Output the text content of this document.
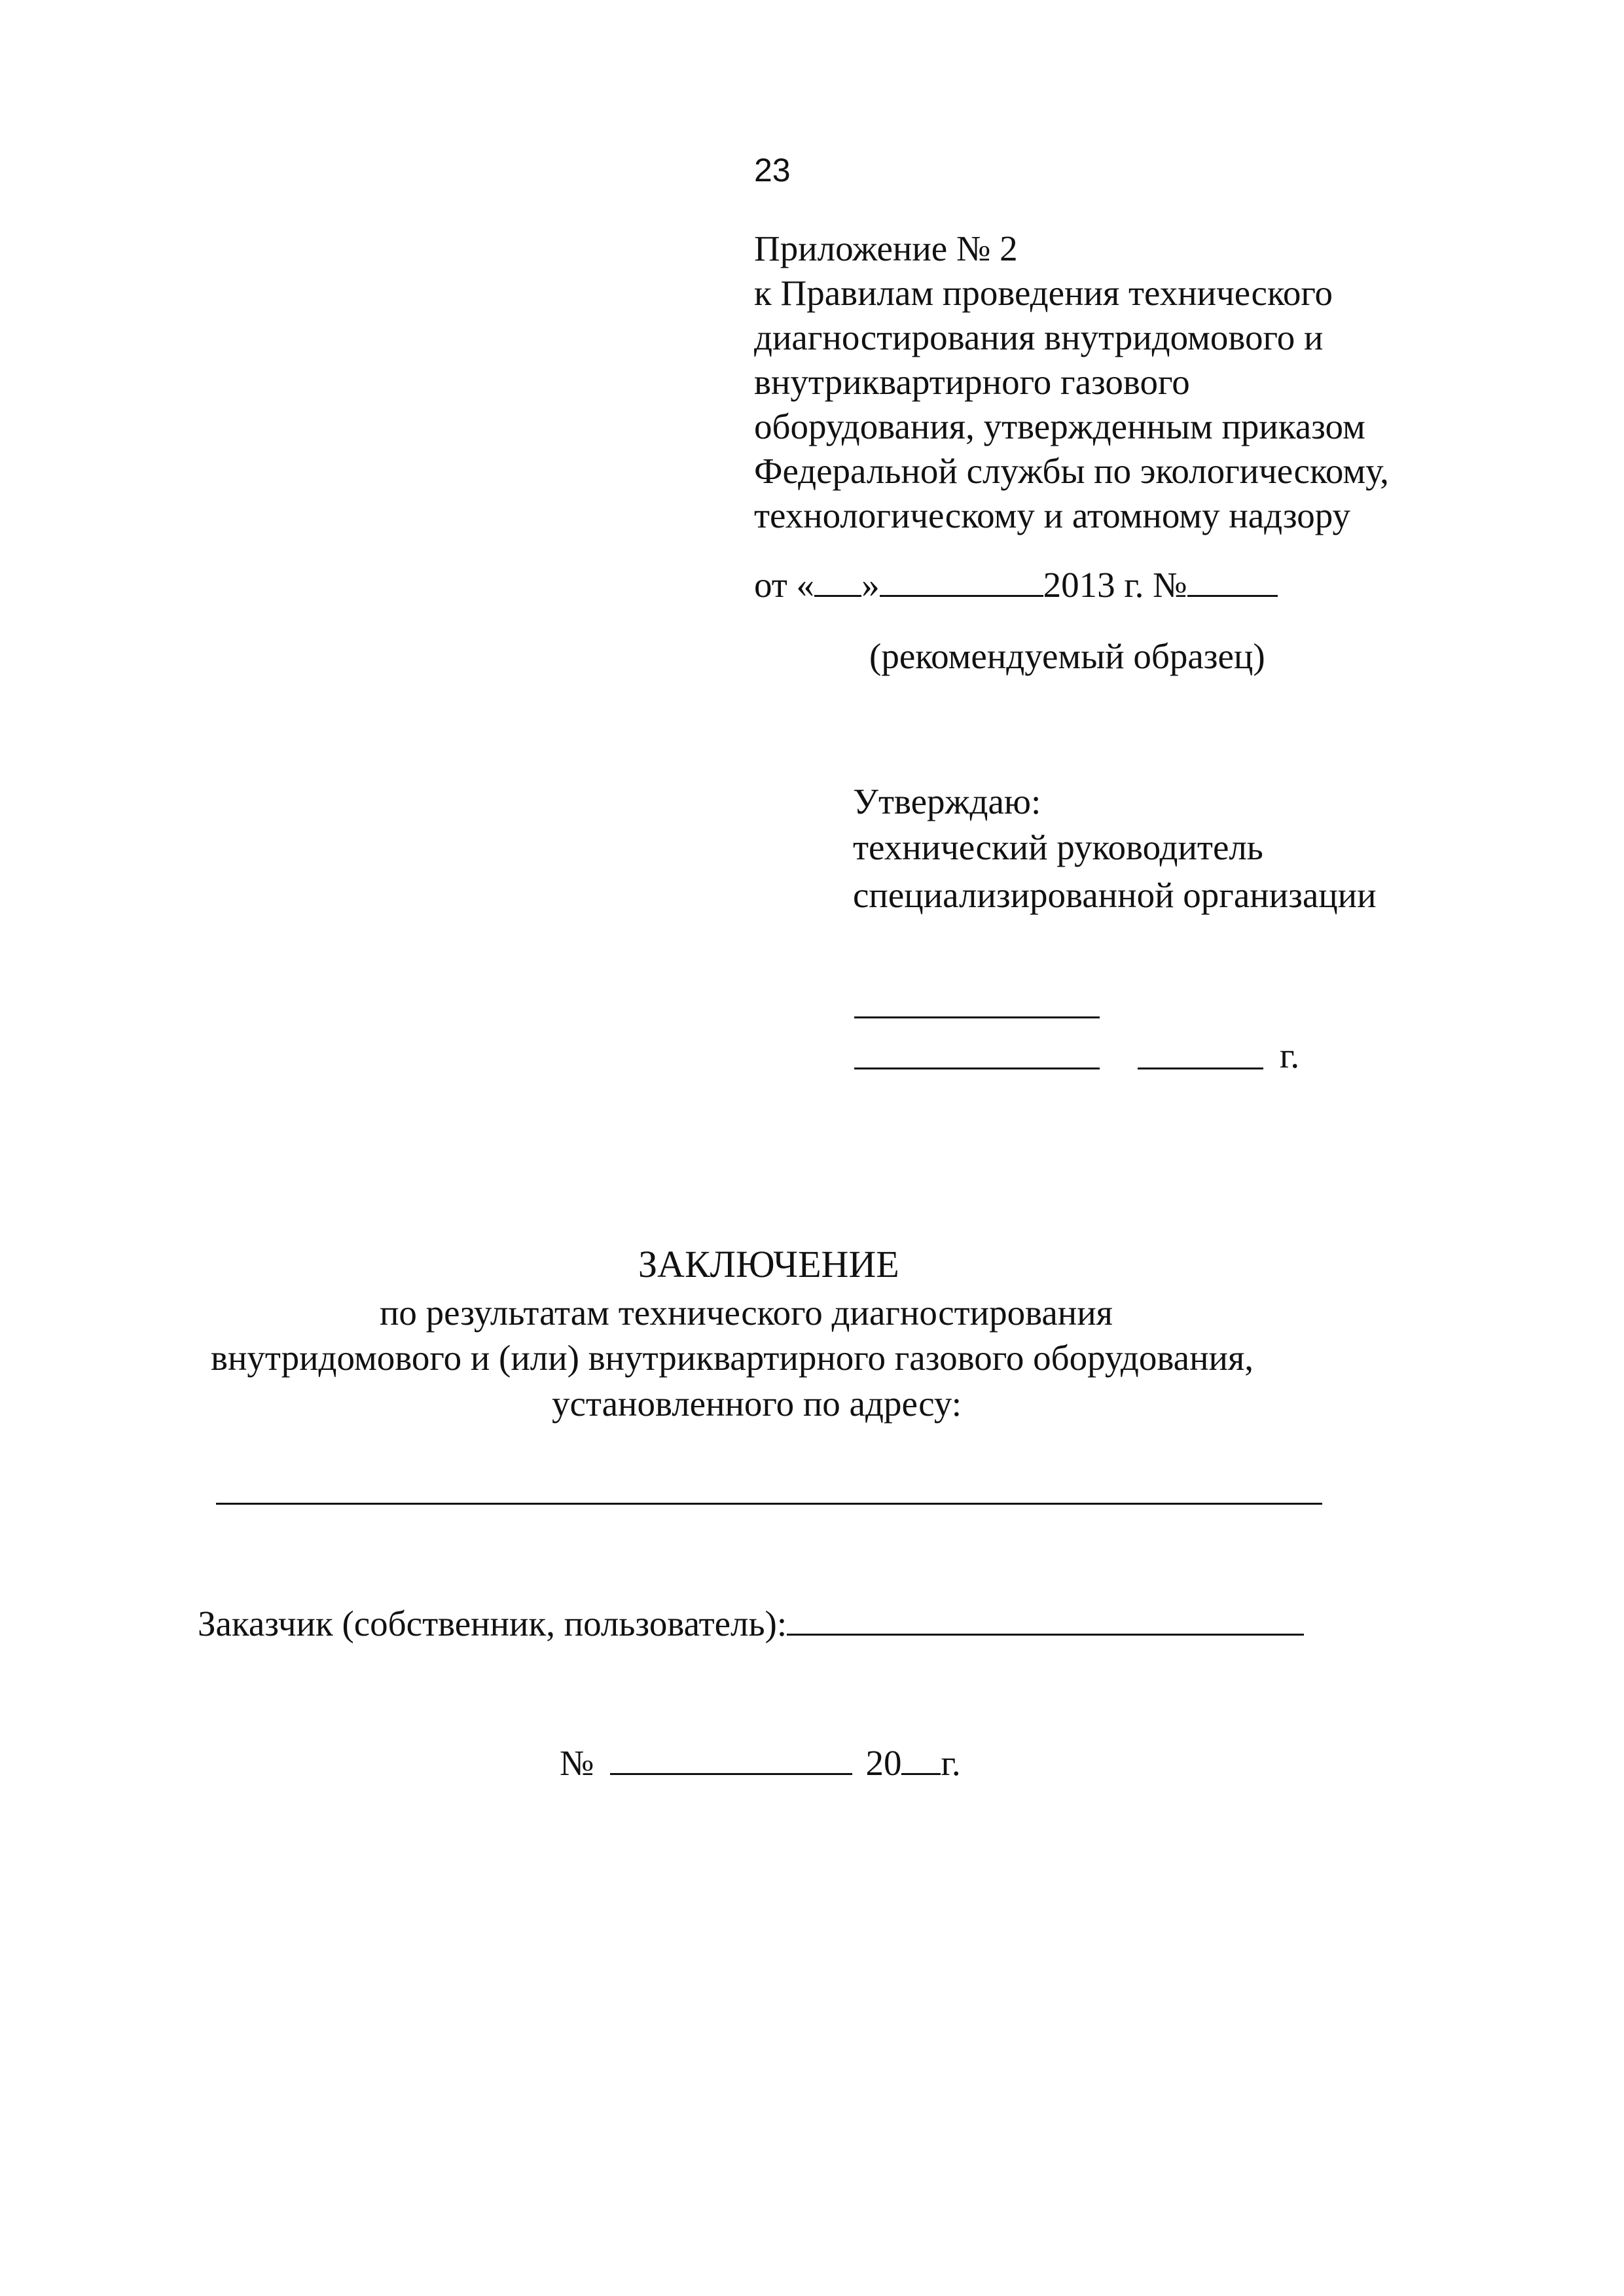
23
Приложение № 2
к Правилам проведения технического
диагностирования внутридомового и
внутриквартирного газового
оборудования, утвержденным приказом
Федеральной службы по экологическому,
технологическому и атомному надзору
от « »	2013 г. №
(рекомендуемый образец)
Утверждаю:
технический руководитель
специализированной организации
г.
ЗАКЛЮЧЕНИЕ
по результатам технического диагностирования
внутридомового и (или) внутриквартирного газового оборудования,
установленного по адресу:
Заказчик (собственник, пользователь):
№	20 г.
